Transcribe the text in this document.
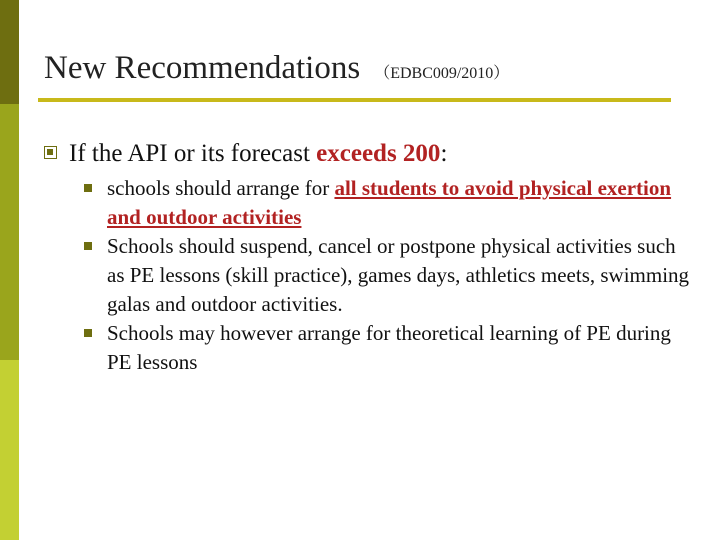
New Recommendations （EDBC009/2010）
If the API or its forecast exceeds 200:
schools should arrange for all students to avoid physical exertion and outdoor activities
Schools should suspend, cancel or postpone physical activities such as PE lessons (skill practice), games days, athletics meets, swimming galas and outdoor activities.
Schools may however arrange for theoretical learning of PE during PE lessons
